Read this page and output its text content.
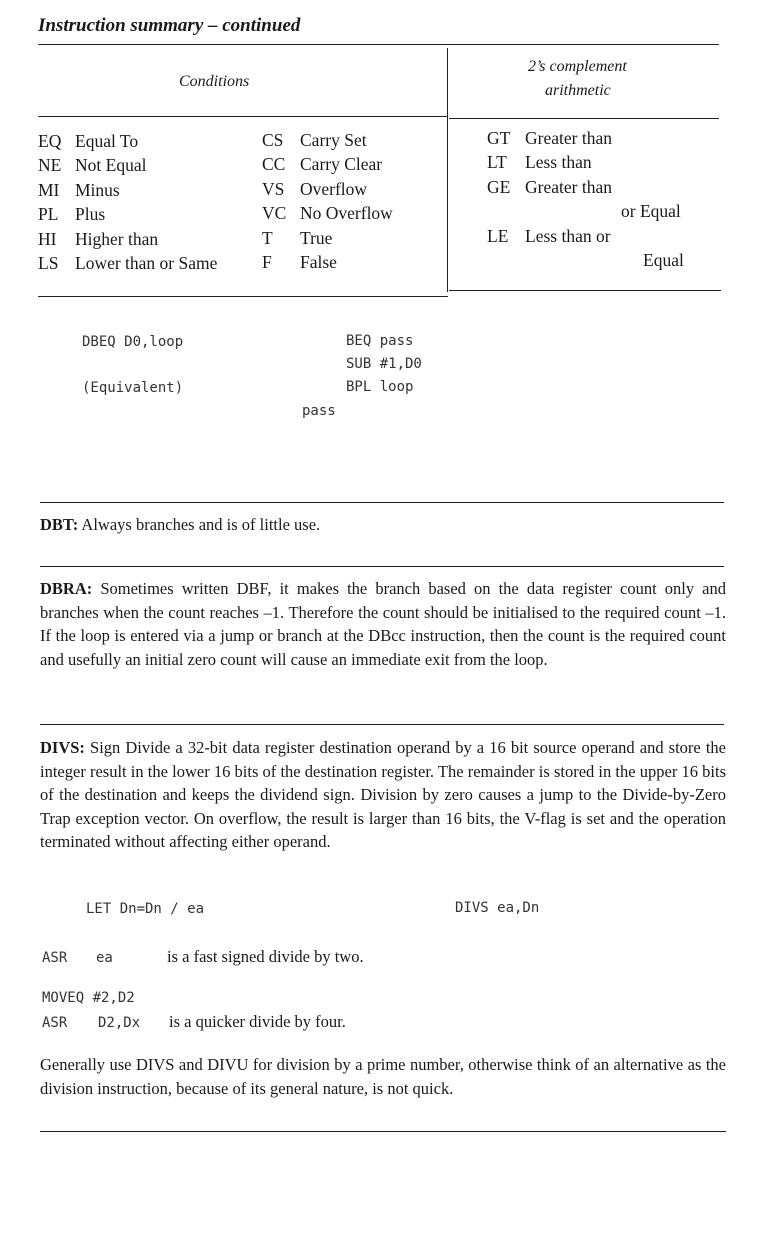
Instruction summary – continued
Conditions
2’s complement
arithmetic
EQ Equal To
NE Not Equal
MI Minus
PL Plus
HI Higher than
LS Lower than or Same
CS Carry Set
CC Carry Clear
VS Overflow
VC No Overflow
T True
F False
GT Greater than
LT Less than
GE Greater than
or Equal
LE Less than or
Equal
DBEQ D0,loop
(Equivalent)
BEQ pass
SUB #1,D0
BPL loop
pass
DBT: Always branches and is of little use.
DBRA: Sometimes written DBF, it makes the branch based on the data register count only and branches when the count reaches –1. Therefore the count should be initialised to the required count –1. If the loop is entered via a jump or branch at the DBcc instruction, then the count is the required count and usefully an initial zero count will cause an immediate exit from the loop.
DIVS: Sign Divide a 32-bit data register destination operand by a 16 bit source operand and store the integer result in the lower 16 bits of the destination register. The remainder is stored in the upper 16 bits of the destination and keeps the dividend sign. Division by zero causes a jump to the Divide-by-Zero Trap exception vector. On overflow, the result is larger than 16 bits, the V-flag is set and the operation terminated without affecting either operand.
LET Dn=Dn / ea	DIVS ea,Dn
ASR ea	is a fast signed divide by two.
MOVEQ #2,D2
ASR D2,Dx is a quicker divide by four.
Generally use DIVS and DIVU for division by a prime number, otherwise think of an alternative as the division instruction, because of its general nature, is not quick.
